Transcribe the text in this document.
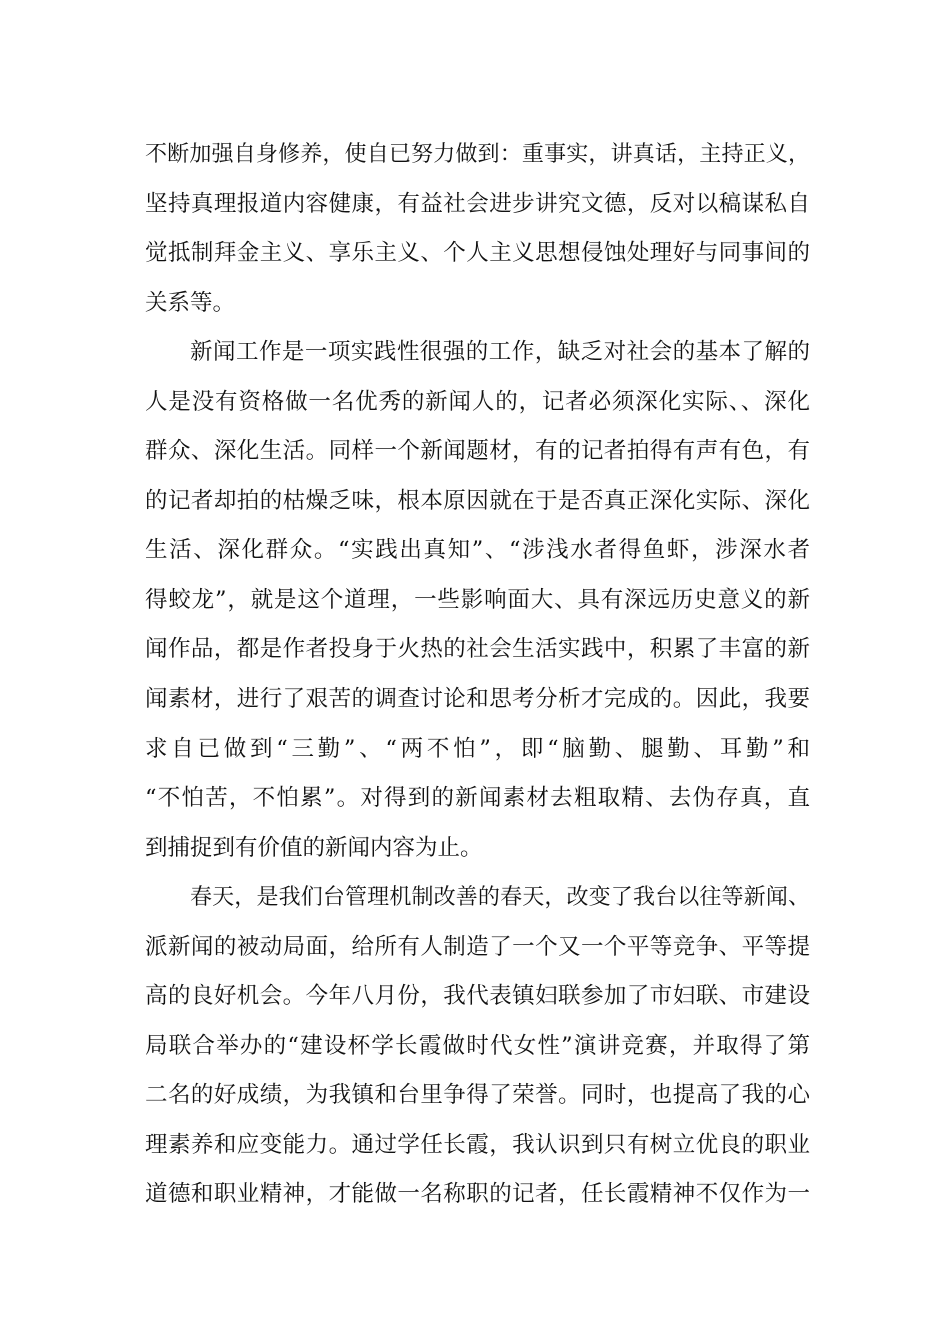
不断加强自身修养，使自已努力做到：重事实，讲真话，主持正义，
坚持真理报道内容健康，有益社会进步讲究文德，反对以稿谋私自
觉抵制拜金主义、享乐主义、个人主义思想侵蚀处理好与同事间的
关系等。
新闻工作是一项实践性很强的工作，缺乏对社会的基本了解的
人是没有资格做一名优秀的新闻人的，记者必须深化实际、、深化
群众、深化生活。同样一个新闻题材，有的记者拍得有声有色，有
的记者却拍的枯燥乏味，根本原因就在于是否真正深化实际、深化
生活、深化群众。“实践出真知”、“涉浅水者得鱼虾，涉深水者
得蛟龙”，就是这个道理，一些影响面大、具有深远历史意义的新
闻作品，都是作者投身于火热的社会生活实践中，积累了丰富的新
闻素材，进行了艰苦的调查讨论和思考分析才完成的。因此，我要
求自已做到“三勤”、“两不怕”，即“脑勤、腿勤、耳勤”和
“不怕苦，不怕累”。对得到的新闻素材去粗取精、去伪存真，直
到捕捉到有价值的新闻内容为止。
春天，是我们台管理机制改善的春天，改变了我台以往等新闻、
派新闻的被动局面，给所有人制造了一个又一个平等竞争、平等提
高的良好机会。今年八月份，我代表镇妇联参加了市妇联、市建设
局联合举办的“建设杯学长霞做时代女性”演讲竞赛，并取得了第
二名的好成绩，为我镇和台里争得了荣誉。同时，也提高了我的心
理素养和应变能力。通过学任长霞，我认识到只有树立优良的职业
道德和职业精神，才能做一名称职的记者，任长霞精神不仅作为一
